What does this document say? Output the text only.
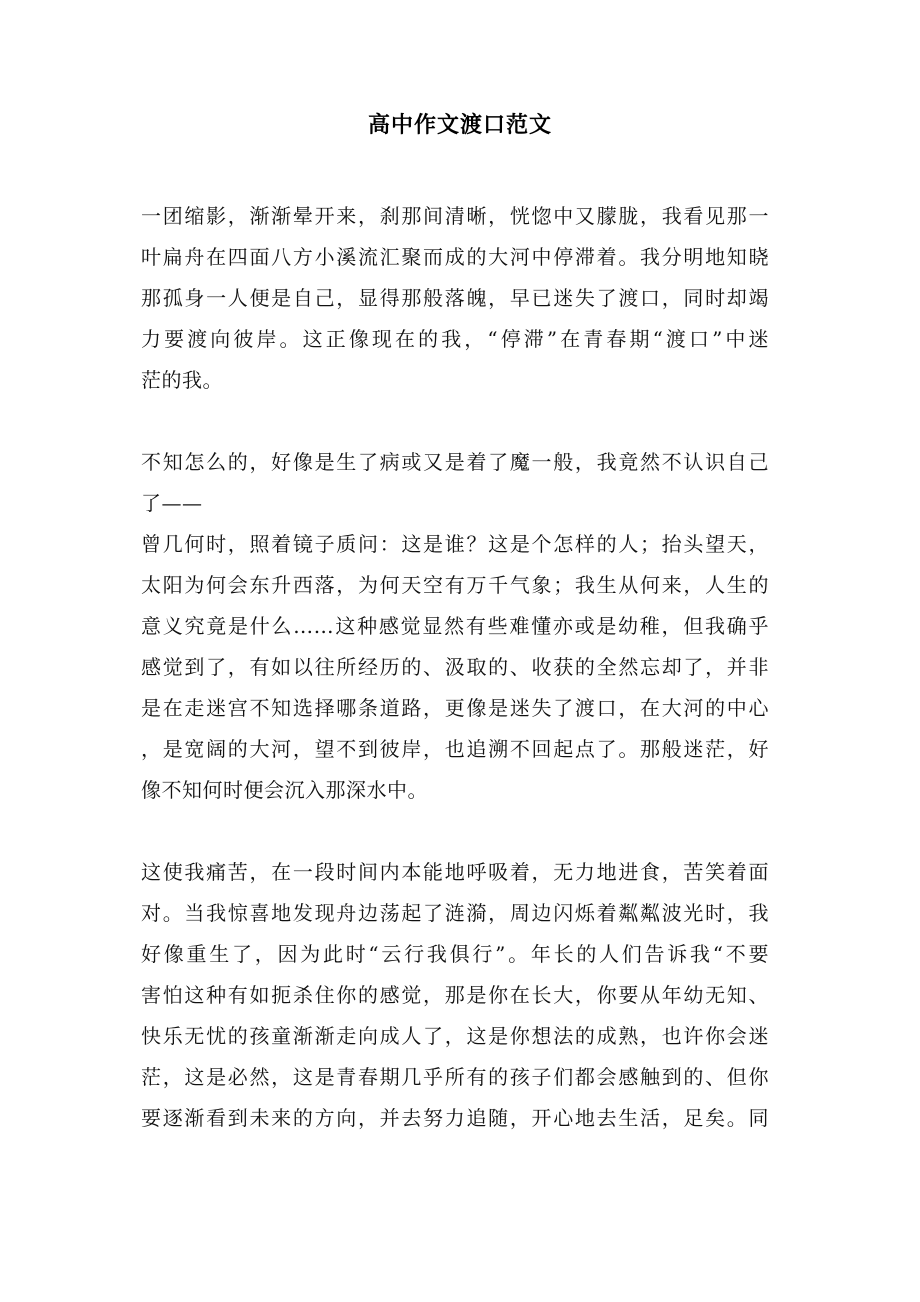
高中作文渡口范文
一团缩影，渐渐晕开来，刹那间清晰，恍惚中又朦胧，我看见那一
叶扁舟在四面八方小溪流汇聚而成的大河中停滞着。我分明地知晓
那孤身一人便是自己，显得那般落魄，早已迷失了渡口，同时却竭
力要渡向彼岸。这正像现在的我，“停滞”在青春期“渡口”中迷
茫的我。
不知怎么的，好像是生了病或又是着了魔一般，我竟然不认识自己
了——
曾几何时，照着镜子质问：这是谁？这是个怎样的人；抬头望天，
太阳为何会东升西落，为何天空有万千气象；我生从何来，人生的
意义究竟是什么……这种感觉显然有些难懂亦或是幼稚，但我确乎
感觉到了，有如以往所经历的、汲取的、收获的全然忘却了，并非
是在走迷宫不知选择哪条道路，更像是迷失了渡口，在大河的中心
，是宽阔的大河，望不到彼岸，也追溯不回起点了。那般迷茫，好
像不知何时便会沉入那深水中。
这使我痛苦，在一段时间内本能地呼吸着，无力地进食，苦笑着面
对。当我惊喜地发现舟边荡起了涟漪，周边闪烁着粼粼波光时，我
好像重生了，因为此时“云行我俱行”。年长的人们告诉我“不要
害怕这种有如扼杀住你的感觉，那是你在长大，你要从年幼无知、
快乐无忧的孩童渐渐走向成人了，这是你想法的成熟，也许你会迷
茫，这是必然，这是青春期几乎所有的孩子们都会感触到的、但你
要逐渐看到未来的方向，并去努力追随，开心地去生活，足矣。同
